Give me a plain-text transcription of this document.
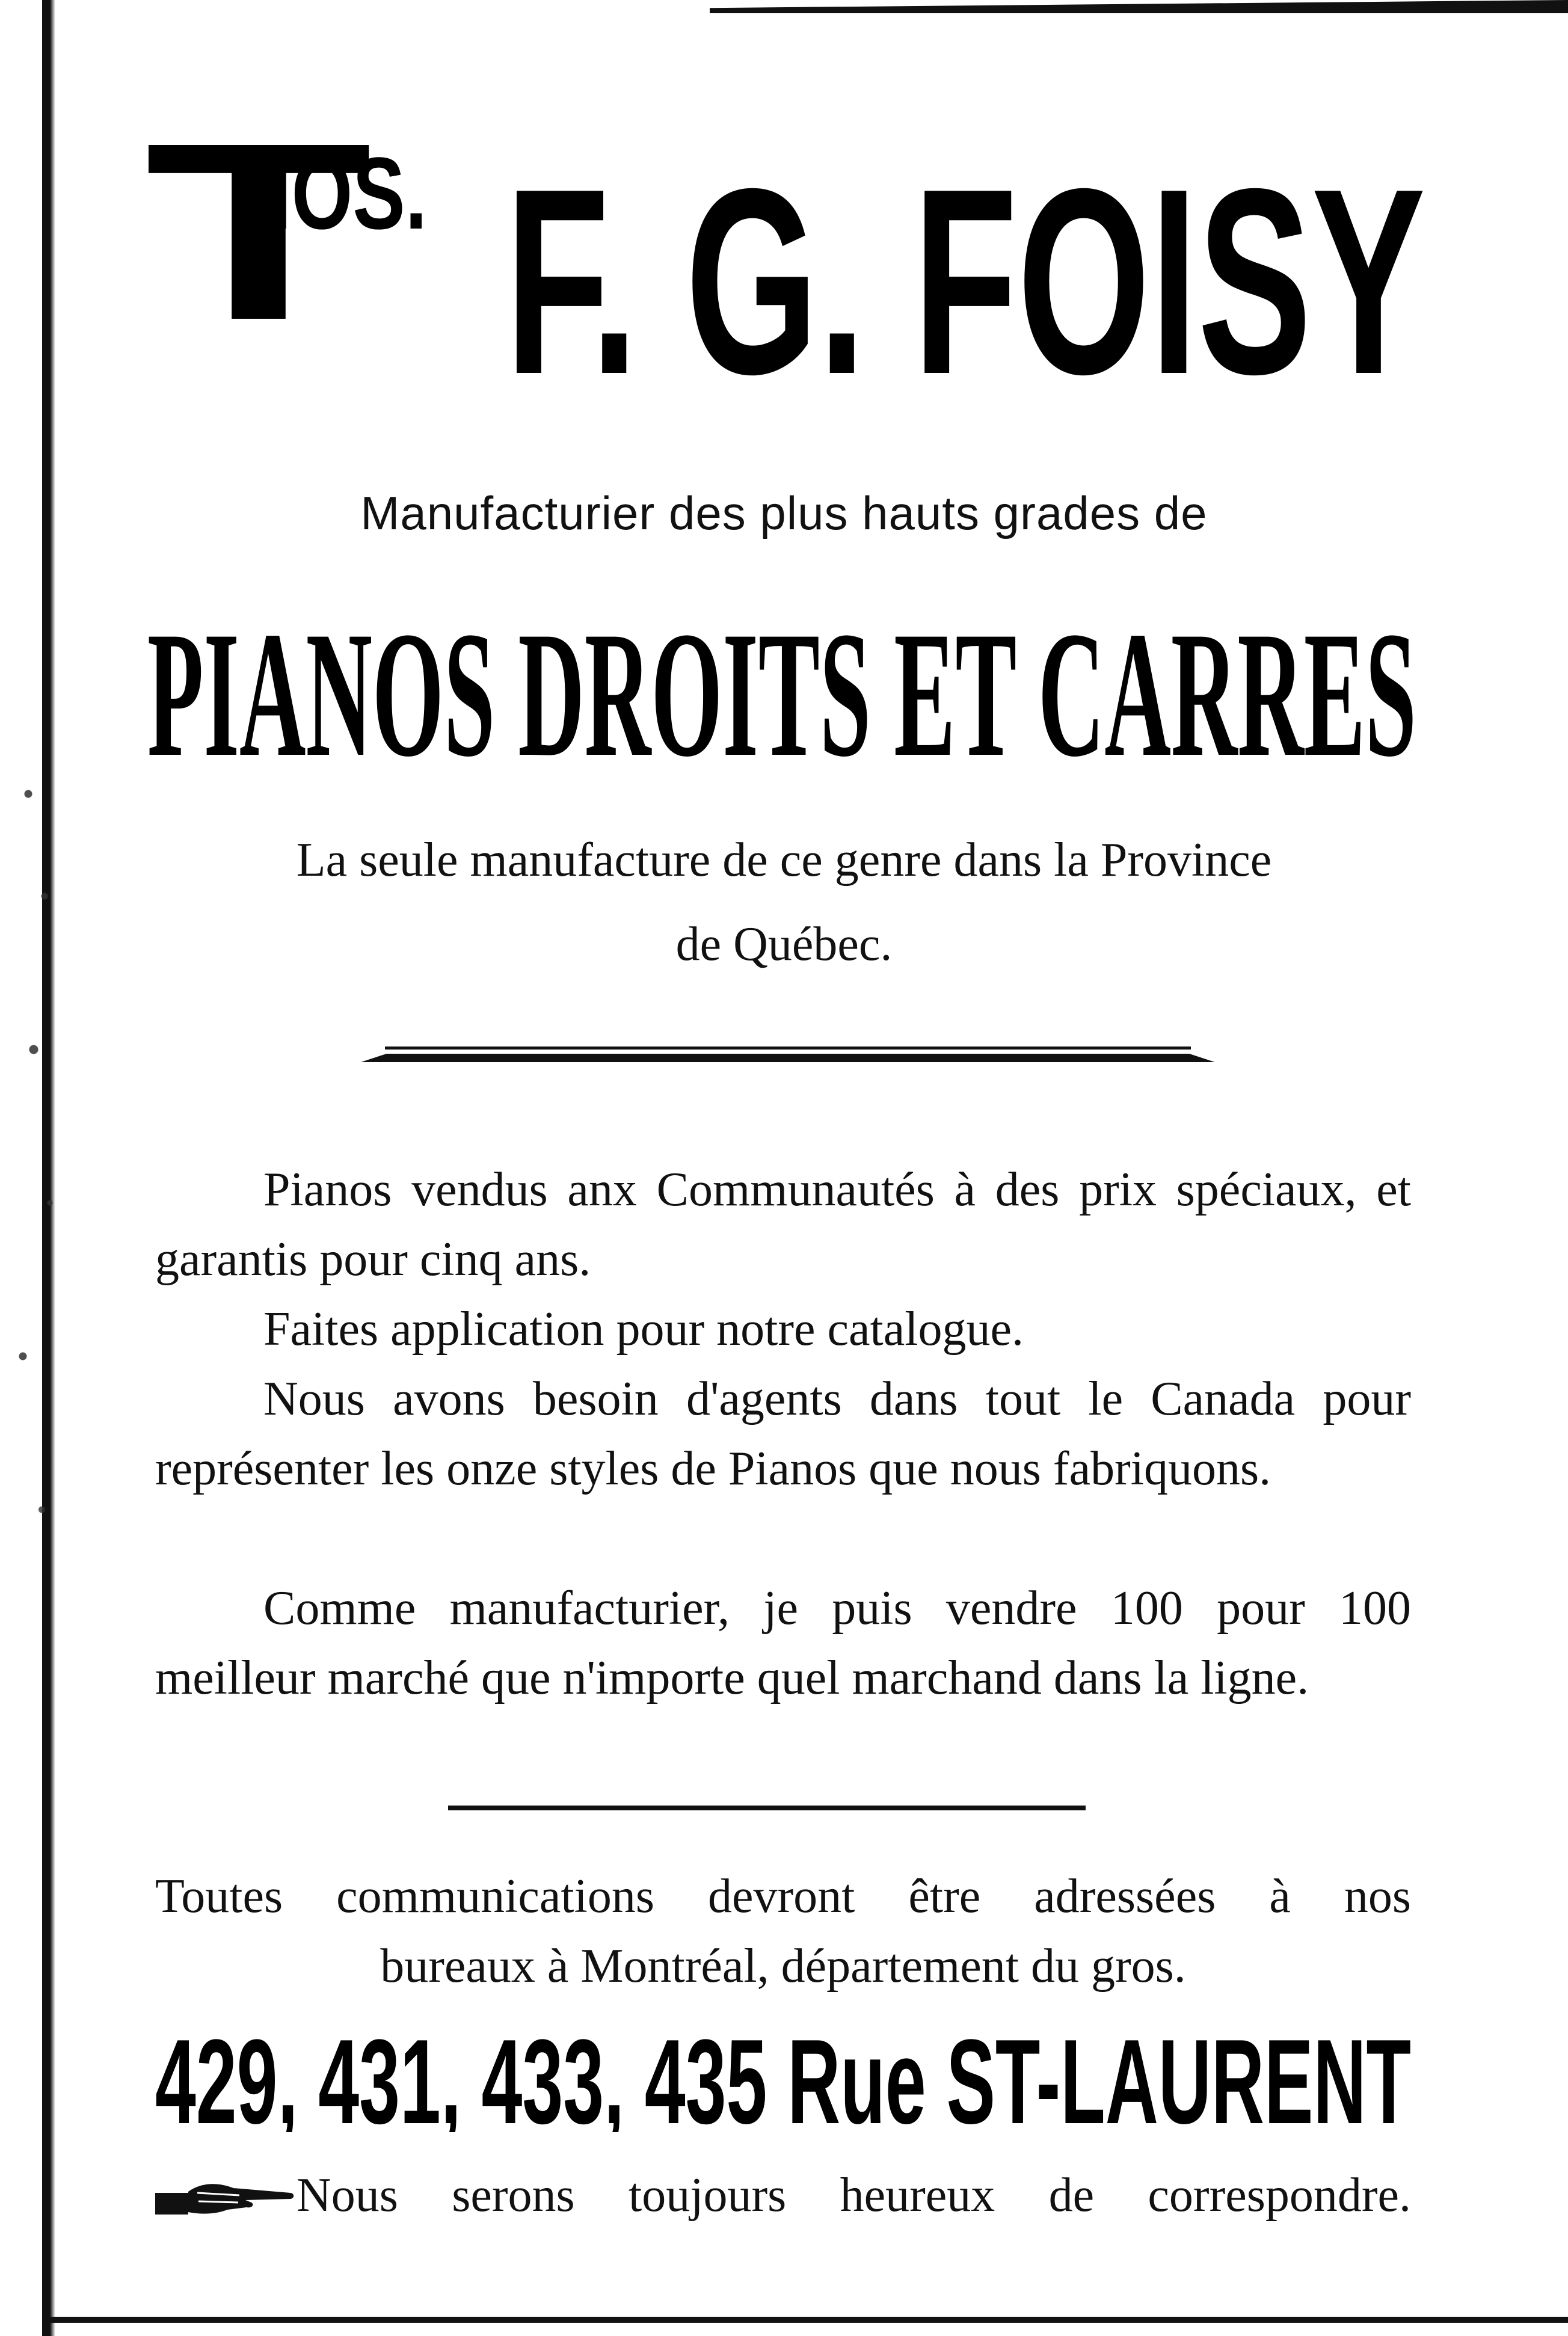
T
HOS. F. G. FOISY
Manufacturier des plus hauts grades de
PIANOS DROITS ET CARRES
La seule manufacture de ce genre dans la Province
de Québec.

Pianos vendus anx Communautés à des prix spéciaux, et garantis pour cinq ans.

Faites application pour notre catalogue.

Nous avons besoin d'agents dans tout le Canada pour représenter les onze styles de Pianos que nous fabriquons.

Comme manufacturier, je puis vendre 100 pour 100 meilleur marché que n'importe quel marchand dans la ligne.

Toutes communications devront être adressées à nos

bureaux à Montréal, département du gros.

429, 431, 433, 435 Rue ST-LAURENT
Nous serons toujours heureux de correspondre.
